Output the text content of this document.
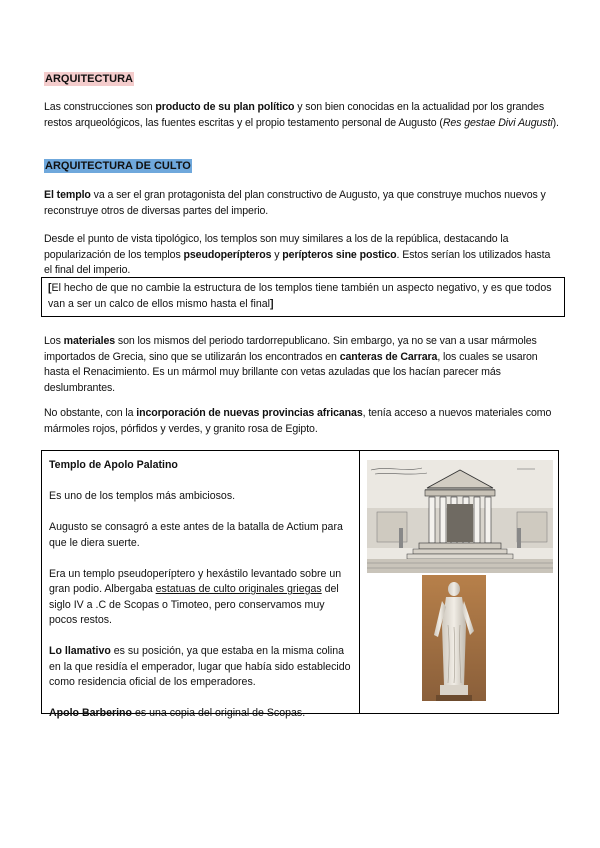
ARQUITECTURA

Las construcciones son producto de su plan político y son bien conocidas en la actualidad por los grandes restos arqueológicos, las fuentes escritas y el propio testamento personal de Augusto (Res gestae Divi Augusti).

ARQUITECTURA DE CULTO

El templo va a ser el gran protagonista del plan constructivo de Augusto, ya que construye muchos nuevos y reconstruye otros de diversas partes del imperio.

Desde el punto de vista tipológico, los templos son muy similares a los de la república, destacando la popularización de los templos pseudoperípteros y perípteros sine postico. Estos serían los utilizados hasta el final del imperio.

[El hecho de que no cambie la estructura de los templos tiene también un aspecto negativo, y es que todos van a ser un calco de ellos mismo hasta el final]

Los materiales son los mismos del periodo tardorrepublicano. Sin embargo, ya no se van a usar mármoles importados de Grecia, sino que se utilizarán los encontrados en canteras de Carrara, los cuales se usaron hasta el Renacimiento. Es un mármol muy brillante con vetas azuladas que los hacían parecer más deslumbrantes.

No obstante, con la incorporación de nuevas provincias africanas, tenía acceso a nuevos materiales como mármoles rojos, pórfidos y verdes, y granito rosa de Egipto.

Templo de Apolo Palatino

Es uno de los templos más ambiciosos.

Augusto se consagró a este antes de la batalla de Actium para que le diera suerte.

Era un templo pseudoperíptero y hexástilo levantado sobre un gran podio. Albergaba estatuas de culto originales griegas del siglo IV a .C de Scopas o Timoteo, pero conservamos muy pocos restos.

Lo llamativo es su posición, ya que estaba en la misma colina en la que residía el emperador, lugar que había sido establecido como residencia oficial de los emperadores.

Apolo Barberino es una copia del original de Scopas.
